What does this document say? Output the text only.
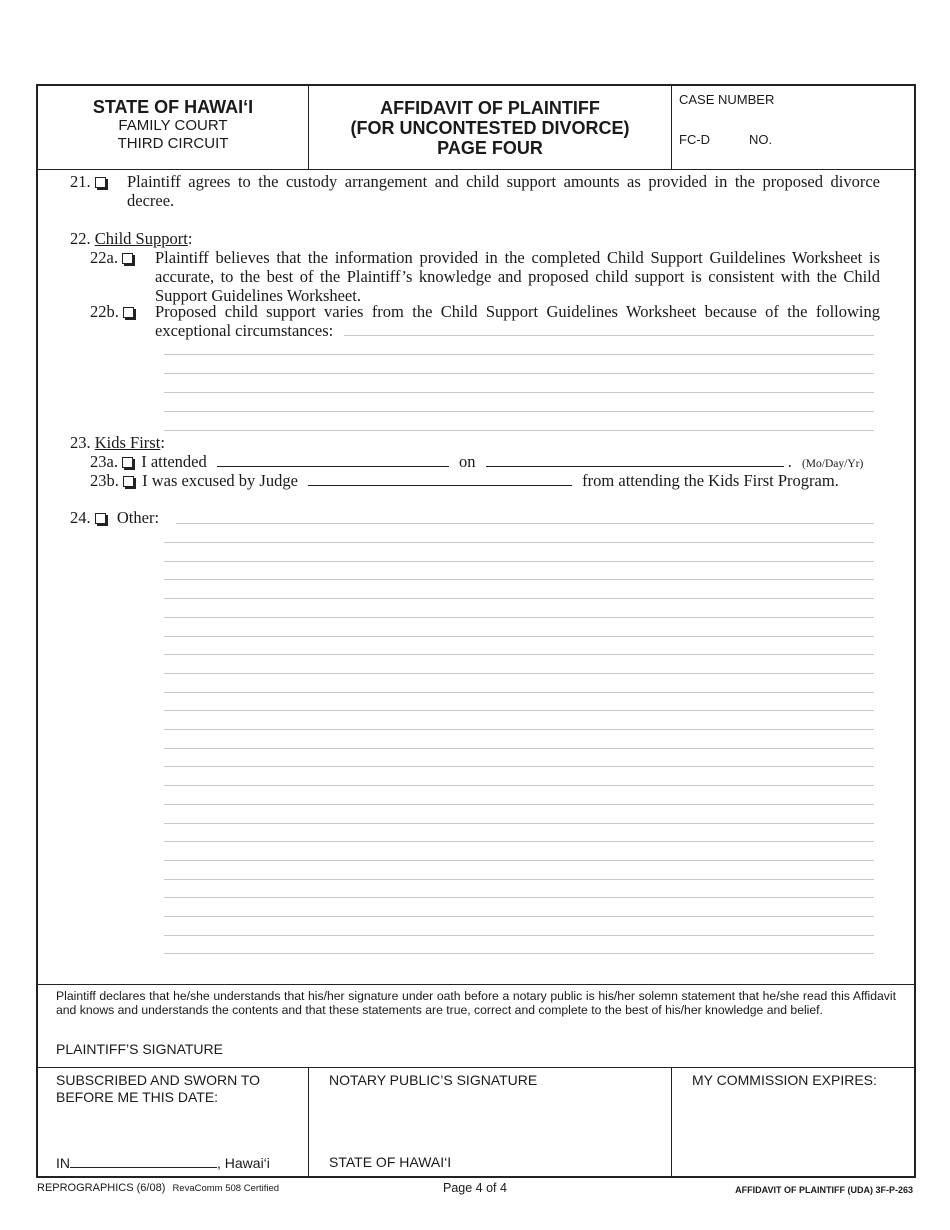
STATE OF HAWAI‘I
FAMILY COURT
THIRD CIRCUIT
AFFIDAVIT OF PLAINTIFF
(FOR UNCONTESTED DIVORCE)
PAGE FOUR
CASE NUMBER
FC-D	NO.
21.	Plaintiff agrees to the custody arrangement and child support amounts as provided in the proposed divorce decree.
22. Child Support:
22a.	Plaintiff believes that the information provided in the completed Child Support Guildelines Worksheet is accurate, to the best of the Plaintiff’s knowledge and proposed child support is consistent with the Child Support Guidelines Worksheet.
22b.	Proposed child support varies from the Child Support Guidelines Worksheet because of the following exceptional circumstances:
23. Kids First:
23a. I attended	on	. (Mo/Day/Yr)
23b. I was excused by Judge	from attending the Kids First Program.
24. Other:
Plaintiff declares that he/she understands that his/her signature under oath before a notary public is his/her solemn statement that he/she read this Affidavit and knows and understands the contents and that these statements are true, correct and complete to the best of his/her knowledge and belief.
PLAINTIFF’S SIGNATURE
SUBSCRIBED AND SWORN TO
BEFORE ME THIS DATE:
IN	, Hawai‘i
NOTARY PUBLIC’S SIGNATURE
STATE OF HAWAI‘I
MY COMMISSION EXPIRES:
REPROGRAPHICS (6/08) RevaComm 508 Certified	Page 4 of 4	AFFIDAVIT OF PLAINTIFF (UDA) 3F-P-263
